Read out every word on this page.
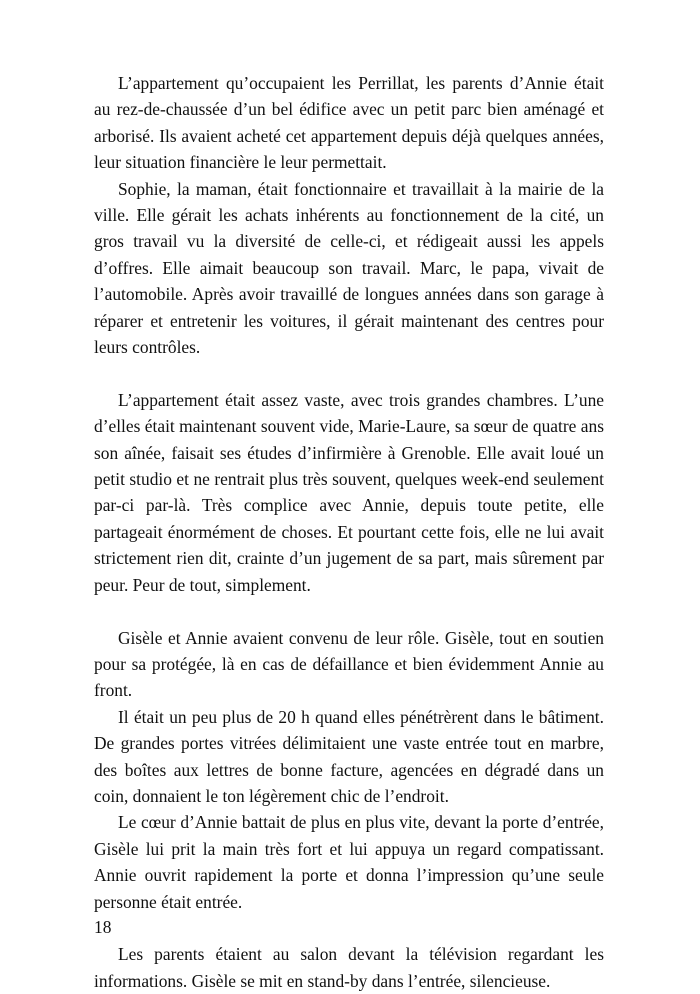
L’appartement qu’occupaient les Perrillat, les parents d’Annie était au rez-de-chaussée d’un bel édifice avec un petit parc bien aménagé et arborisé. Ils avaient acheté cet appartement depuis déjà quelques années, leur situation financière le leur permettait.

Sophie, la maman, était fonctionnaire et travaillait à la mairie de la ville. Elle gérait les achats inhérents au fonctionnement de la cité, un gros travail vu la diversité de celle-ci, et rédigeait aussi les appels d’offres. Elle aimait beaucoup son travail. Marc, le papa, vivait de l’automobile. Après avoir travaillé de longues années dans son garage à réparer et entretenir les voitures, il gérait maintenant des centres pour leurs contrôles.

L’appartement était assez vaste, avec trois grandes chambres. L’une d’elles était maintenant souvent vide, Marie-Laure, sa sœur de quatre ans son aînée, faisait ses études d’infirmière à Grenoble. Elle avait loué un petit studio et ne rentrait plus très souvent, quelques week-end seulement par-ci par-là. Très complice avec Annie, depuis toute petite, elle partageait énormément de choses. Et pourtant cette fois, elle ne lui avait strictement rien dit, crainte d’un jugement de sa part, mais sûrement par peur. Peur de tout, simplement.

Gisèle et Annie avaient convenu de leur rôle. Gisèle, tout en soutien pour sa protégée, là en cas de défaillance et bien évidemment Annie au front.

Il était un peu plus de 20 h quand elles pénétrèrent dans le bâtiment. De grandes portes vitrées délimitaient une vaste entrée tout en marbre, des boîtes aux lettres de bonne facture, agencées en dégradé dans un coin, donnaient le ton légèrement chic de l’endroit.

Le cœur d’Annie battait de plus en plus vite, devant la porte d’entrée, Gisèle lui prit la main très fort et lui appuya un regard compatissant. Annie ouvrit rapidement la porte et donna l’impression qu’une seule personne était entrée.

Les parents étaient au salon devant la télévision regardant les informations. Gisèle se mit en stand-by dans l’entrée, silencieuse.

18
